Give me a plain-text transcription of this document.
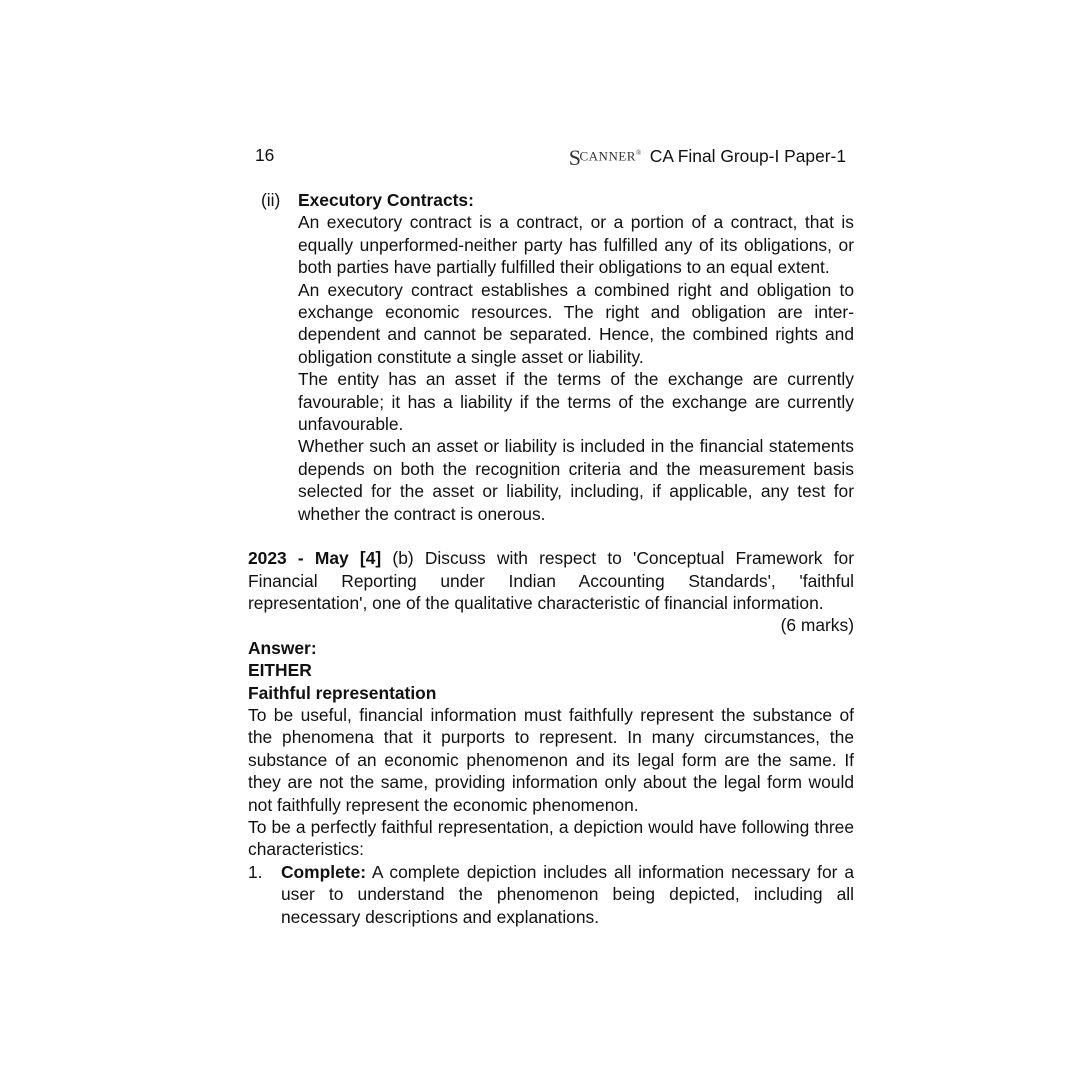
16	SCANNER® CA Final Group-I Paper-1
(ii)	Executory Contracts:

An executory contract is a contract, or a portion of a contract, that is equally unperformed-neither party has fulfilled any of its obligations, or both parties have partially fulfilled their obligations to an equal extent.

An executory contract establishes a combined right and obligation to exchange economic resources. The right and obligation are inter-dependent and cannot be separated. Hence, the combined rights and obligation constitute a single asset or liability.

The entity has an asset if the terms of the exchange are currently favourable; it has a liability if the terms of the exchange are currently unfavourable.

Whether such an asset or liability is included in the financial statements depends on both the recognition criteria and the measurement basis selected for the asset or liability, including, if applicable, any test for whether the contract is onerous.

2023 - May [4] (b) Discuss with respect to 'Conceptual Framework for Financial Reporting under Indian Accounting Standards', 'faithful representation', one of the qualitative characteristic of financial information.
(6 marks)
Answer:
EITHER
Faithful representation

To be useful, financial information must faithfully represent the substance of the phenomena that it purports to represent. In many circumstances, the substance of an economic phenomenon and its legal form are the same. If they are not the same, providing information only about the legal form would not faithfully represent the economic phenomenon.

To be a perfectly faithful representation, a depiction would have following three characteristics:

1.	Complete: A complete depiction includes all information necessary for a user to understand the phenomenon being depicted, including all necessary descriptions and explanations.
